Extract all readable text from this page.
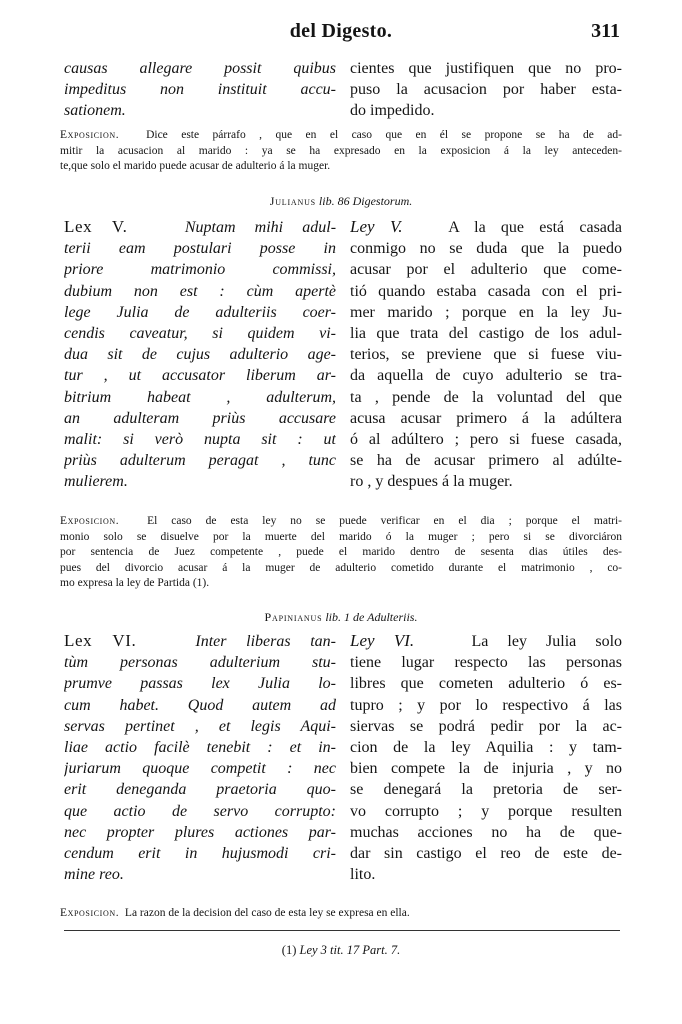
del Digesto.	311
causas allegare possit quibus
impeditus non instituit accu-
sationem.
cientes que justifiquen que no pro-
puso la acusacion por haber esta-
do impedido.
Exposicion. Dice este párrafo , que en el caso que en él se propone se ha de ad-
mitir la acusacion al marido : ya se ha expresado en la exposicion á la ley anteceden-
te,que solo el marido puede acusar de adulterio á la muger.
Julianus lib. 86 Digestorum.
Lex V.	Nuptam mihi adul-
terii eam postulari posse in
priore matrimonio commissi,
dubium non est : cùm apertè
lege Julia de adulteriis coer-
cendis caveatur, si quidem vi-
dua sit de cujus adulterio age-
tur , ut accusator liberum ar-
bitrium habeat , adulterum,
an adulteram priùs accusare
malit: si verò nupta sit : ut
priùs adulterum peragat , tunc
mulierem.
Ley V.	A la que está casada
conmigo no se duda que la puedo
acusar por el adulterio que come-
tió quando estaba casada con el pri-
mer marido ; porque en la ley Ju-
lia que trata del castigo de los adul-
terios, se previene que si fuese viu-
da aquella de cuyo adulterio se tra-
ta , pende de la voluntad del que
acusa acusar primero á la adúltera
ó al adúltero ; pero si fuese casada,
se ha de acusar primero al adúlte-
ro , y despues á la muger.
Exposicion. El caso de esta ley no se puede verificar en el dia ; porque el matri-
monio solo se disuelve por la muerte del marido ó la muger ; pero si se divorciáron
por sentencia de Juez competente , puede el marido dentro de sesenta dias útiles des-
pues del divorcio acusar á la muger de adulterio cometido durante el matrimonio , co-
mo expresa la ley de Partida (1).
Papinianus lib. 1 de Adulteriis.
Lex VI.	Inter liberas tan-
tùm personas adulterium stu-
prumve passas lex Julia lo-
cum habet. Quod autem ad
servas pertinet , et legis Aqui-
liae actio facilè tenebit : et in-
juriarum quoque competit : nec
erit deneganda praetoria quo-
que actio de servo corrupto:
nec propter plures actiones par-
cendum erit in hujusmodi cri-
mine reo.
Ley VI.	La ley Julia solo
tiene lugar respecto las personas
libres que cometen adulterio ó es-
tupro ; y por lo respectivo á las
siervas se podrá pedir por la ac-
cion de la ley Aquilia : y tam-
bien compete la de injuria , y no
se denegará la pretoria de ser-
vo corrupto ; y porque resulten
muchas acciones no ha de que-
dar sin castigo el reo de este de-
lito.
Exposicion. La razon de la decision del caso de esta ley se expresa en ella.
(1) Ley 3 tit. 17 Part. 7.
